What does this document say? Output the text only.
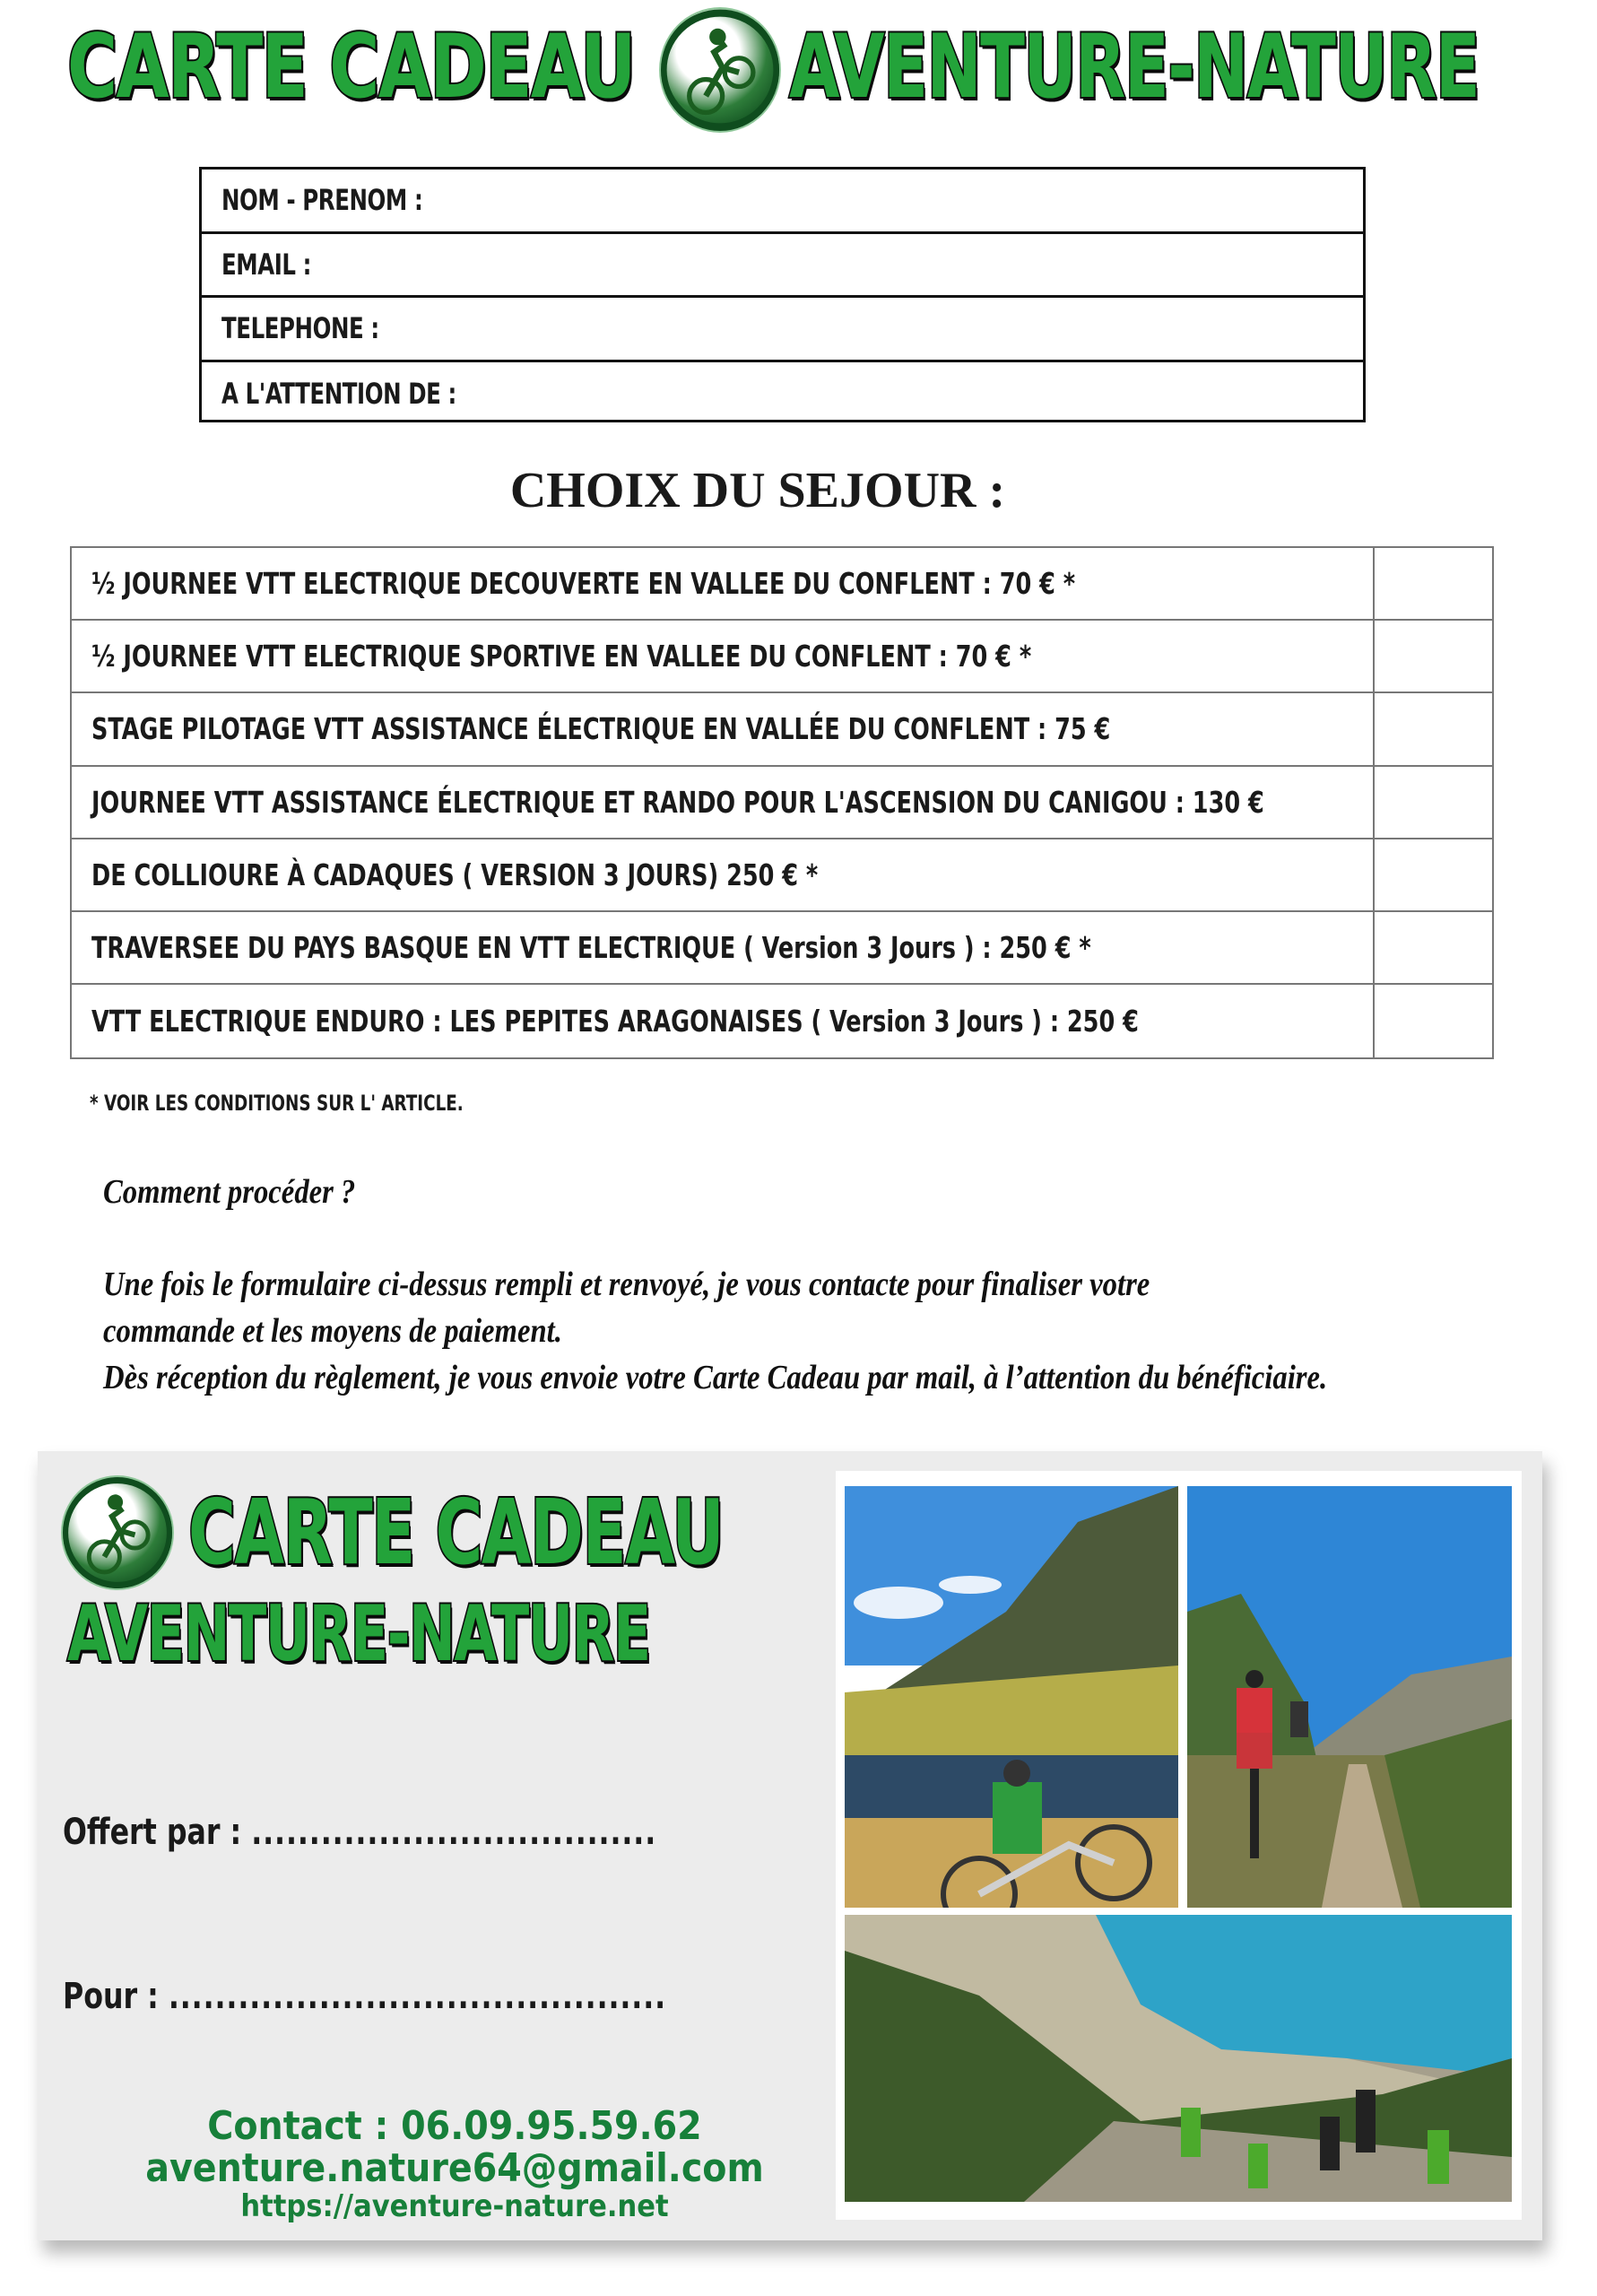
CARTE CADEAU AVENTURE-NATURE
NOM - PRENOM :
EMAIL :
TELEPHONE :
A L'ATTENTION DE :
CHOIX DU SEJOUR :
½ JOURNEE VTT ELECTRIQUE DECOUVERTE EN VALLEE DU CONFLENT : 70 € *
½ JOURNEE VTT ELECTRIQUE SPORTIVE EN VALLEE DU CONFLENT : 70 € *
STAGE PILOTAGE VTT ASSISTANCE ÉLECTRIQUE EN VALLÉE DU CONFLENT : 75 €
JOURNEE VTT ASSISTANCE ÉLECTRIQUE ET RANDO POUR L'ASCENSION DU CANIGOU : 130 €
DE COLLIOURE À CADAQUES ( VERSION 3 JOURS) 250 € *
TRAVERSEE DU PAYS BASQUE EN VTT ELECTRIQUE ( Version 3 Jours ) : 250 € *
VTT ELECTRIQUE ENDURO : LES PEPITES ARAGONAISES ( Version 3 Jours ) : 250 €
* VOIR LES CONDITIONS SUR L' ARTICLE.
Comment procéder ?
Une fois le formulaire ci-dessus rempli et renvoyé, je vous contacte pour finaliser votre
commande et les moyens de paiement.
Dès réception du règlement, je vous envoie votre Carte Cadeau par mail, à l’attention du bénéficiaire.
CARTE CADEAU
AVENTURE-NATURE
Offert par : ...................................
Pour : ...........................................
Contact : 06.09.95.59.62
aventure.nature64@gmail.com
https://aventure-nature.net
